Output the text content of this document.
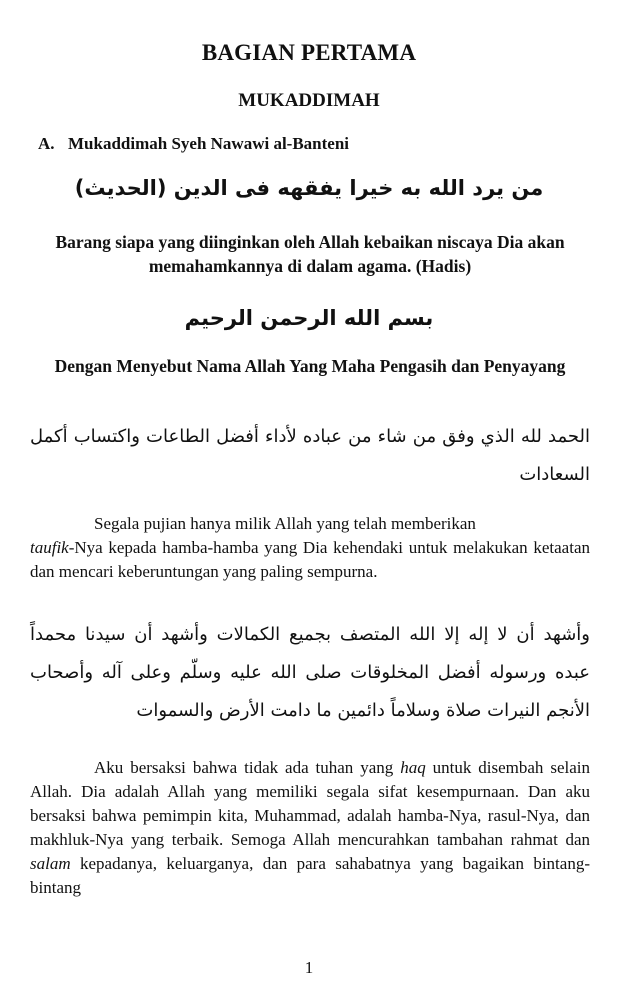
BAGIAN PERTAMA
MUKADDIMAH
A. Mukaddimah Syeh Nawawi al-Banteni
من يرد الله به خيرا يفقهه فى الدين (الحديث)
Barang siapa yang diinginkan oleh Allah kebaikan niscaya Dia akan memahamkannya di dalam agama. (Hadis)
بسم الله الرحمن الرحيم
Dengan Menyebut Nama Allah Yang Maha Pengasih dan Penyayang
الحمد لله الذي وفق من شاء من عباده لأداء أفضل الطاعات واكتساب أكمل السعادات
Segala pujian hanya milik Allah yang telah memberikan
taufik-Nya kepada hamba-hamba yang Dia kehendaki untuk melakukan ketaatan dan mencari keberuntungan yang paling sempurna.
وأشهد أن لا إله إلا الله المتصف بجميع الكمالات وأشهد أن سيدنا محمداً عبده ورسوله أفضل المخلوقات صلى الله عليه وسلّم وعلى آله وأصحاب الأنجم النيرات صلاة وسلاماً دائمين ما دامت الأرض والسموات
Aku bersaksi bahwa tidak ada tuhan yang haq untuk disembah selain Allah. Dia adalah Allah yang memiliki segala sifat kesempurnaan. Dan aku bersaksi bahwa pemimpin kita, Muhammad, adalah hamba-Nya, rasul-Nya, dan makhluk-Nya yang terbaik. Semoga Allah mencurahkan tambahan rahmat dan salam kepadanya, keluarganya, dan para sahabatnya yang bagaikan bintang-bintang
1
